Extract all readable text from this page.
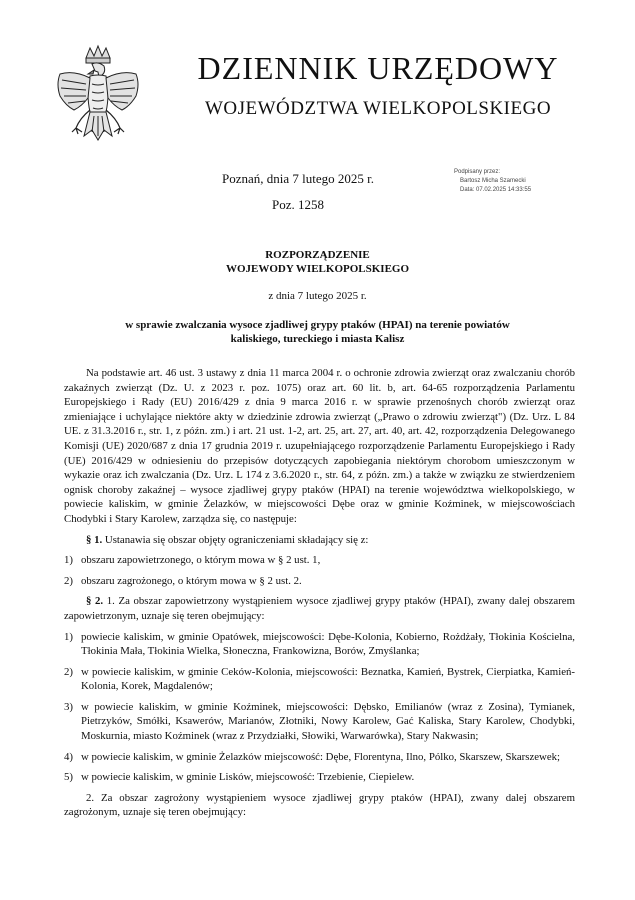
DZIENNIK URZĘDOWY
WOJEWÓDZTWA WIELKOPOLSKIEGO
Poznań, dnia 7 lutego 2025 r.
Poz. 1258
Podpisany przez:
Bartosz Micha Szamecki
Data: 07.02.2025 14:33:55
ROZPORZĄDZENIE
WOJEWODY WIELKOPOLSKIEGO
z dnia 7 lutego 2025 r.
w sprawie zwalczania wysoce zjadliwej grypy ptaków (HPAI) na terenie powiatów
kaliskiego, tureckiego i miasta Kalisz

Na podstawie art. 46 ust. 3 ustawy z dnia 11 marca 2004 r. o ochronie zdrowia zwierząt oraz zwalczaniu chorób zakaźnych zwierząt (Dz. U. z 2023 r. poz. 1075) oraz art. 60 lit. b, art. 64-65 rozporządzenia Parlamentu Europejskiego i Rady (EU) 2016/429 z dnia 9 marca 2016 r. w sprawie przenośnych chorób zwierząt oraz zmieniające i uchylające niektóre akty w dziedzinie zdrowia zwierząt („Prawo o zdrowiu zwierząt") (Dz. Urz. L 84 UE. z 31.3.2016 r., str. 1, z późn. zm.) i art. 21 ust. 1-2, art. 25, art. 27, art. 40, art. 42, rozporządzenia Delegowanego Komisji (UE) 2020/687 z dnia 17 grudnia 2019 r. uzupełniającego rozporządzenie Parlamentu Europejskiego i Rady (UE) 2016/429 w odniesieniu do przepisów dotyczących zapobiegania niektórym chorobom umieszczonym w wykazie oraz ich zwalczania (Dz. Urz. L 174 z 3.6.2020 r., str. 64, z późn. zm.) a także w związku ze stwierdzeniem ognisk choroby zakaźnej – wysoce zjadliwej grypy ptaków (HPAI) na terenie województwa wielkopolskiego, w powiecie kaliskim, w gminie Żelazków, w miejscowości Dębe oraz w gminie Koźminek, w miejscowościach Chodybki i Stary Karolew, zarządza się, co następuje:

§ 1. Ustanawia się obszar objęty ograniczeniami składający się z:

1) obszaru zapowietrzonego, o którym mowa w § 2 ust. 1,

2) obszaru zagrożonego, o którym mowa w § 2 ust. 2.

§ 2. 1. Za obszar zapowietrzony wystąpieniem wysoce zjadliwej grypy ptaków (HPAI), zwany dalej obszarem zapowietrzonym, uznaje się teren obejmujący:

1) powiecie kaliskim, w gminie Opatówek, miejscowości: Dębe-Kolonia, Kobierno, Rożdżały, Tłokinia Kościelna, Tłokinia Mała, Tłokinia Wielka, Słoneczna, Frankowizna, Borów, Zmyślanka;

2) w powiecie kaliskim, w gminie Ceków-Kolonia, miejscowości: Beznatka, Kamień, Bystrek, Cierpiatka, Kamień-Kolonia, Korek, Magdalenów;

3) w powiecie kaliskim, w gminie Koźminek, miejscowości: Dębsko, Emilianów (wraz z Zosina), Tymianek, Pietrzyków, Smółki, Ksawerów, Marianów, Złotniki, Nowy Karolew, Gać Kaliska, Stary Karolew, Chodybki, Moskurnia, miasto Koźminek (wraz z Przydziałki, Słowiki, Warwarówka), Stary Nakwasin;

4) w powiecie kaliskim, w gminie Żelazków miejscowość: Dębe, Florentyna, Ilno, Pólko, Skarszew, Skarszewek;

5) w powiecie kaliskim, w gminie Lisków, miejscowość: Trzebienie, Ciepielew.

2. Za obszar zagrożony wystąpieniem wysoce zjadliwej grypy ptaków (HPAI), zwany dalej obszarem zagrożonym, uznaje się teren obejmujący:
